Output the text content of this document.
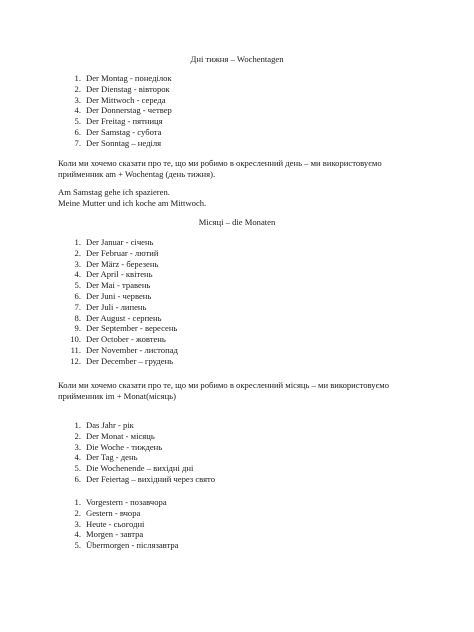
Дні тижня – Wochentagen
1. Der Montag - понеділок
2. Der Dienstag - вівторок
3. Der Mittwoch - середа
4. Der Donnerstag - четвер
5. Der Freitag - пятниця
6. Der Samstag - субота
7. Der Sonntag – неділя

Коли ми хочемо сказати про те, що ми робимо в окресленний день – ми використовуємо
прийменник am + Wochentag (день тижня).

Am Samstag gehe ich spazieren.
Meine Mutter und ich koche am Mittwoch.

Місяці – die Monaten
1. Der Januar - січень
2. Der Februar - лютий
3. Der Mӓrz - березень
4. Der April - квітень
5. Der Mai - травень
6. Der Juni - червень
7. Der Juli - липень
8. Der August - серпень
9. Der September - вересень
10. Der October - жовтень
11. Der November - листопад
12. Der December – грудень

Коли ми хочемо сказати про те, що ми робимо в окресленний місяць – ми використовуємо
прийменник im + Monat(місяць)

1. Das Jahr - рік
2. Der Monat - місяць
3. Die Woche - тиждень
4. Der Tag - день
5. Die Wochenende – вихідні дні
6. Der Feiertag – вихідний через свято
1. Vorgestern - позавчора
2. Gestern - вчора
3. Heute - сьогодні
4. Morgen - завтра
5. Übermorgen - післязавтра
